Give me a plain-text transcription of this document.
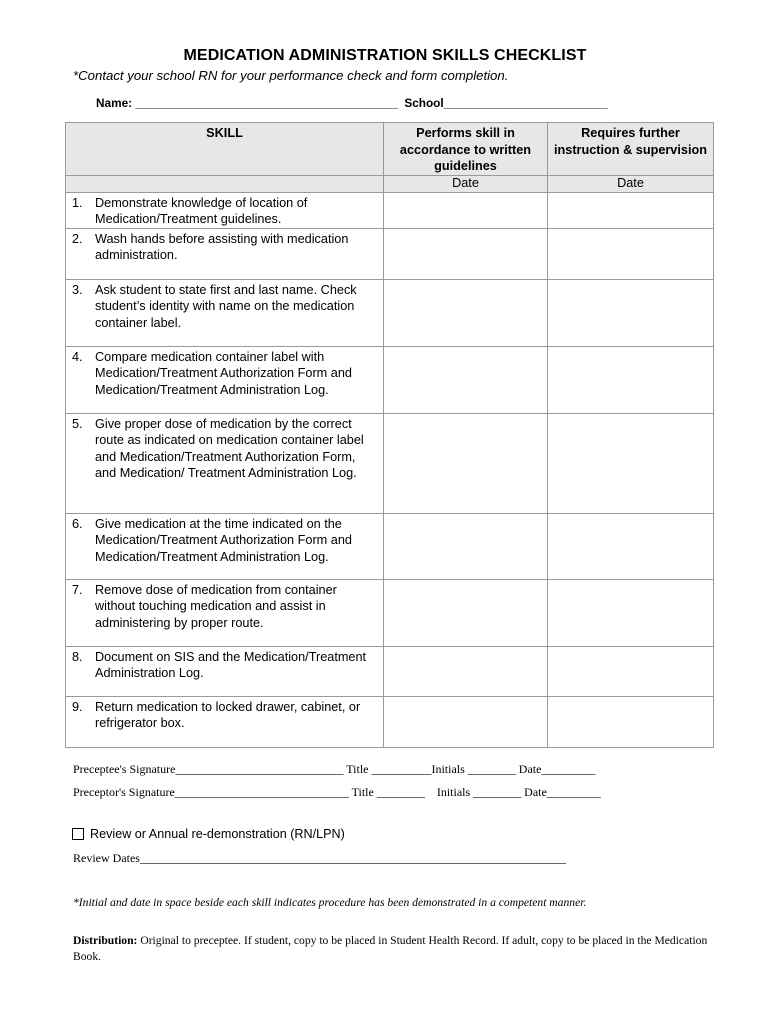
MEDICATION ADMINISTRATION SKILLS CHECKLIST
*Contact your school RN for your performance check and form completion.
Name: ________________________________________  School_________________________
SKILL	Performs skill in accordance to written guidelines	Requires further instruction & supervision
	Date	Date

1. Demonstrate knowledge of location of Medication/Treatment guidelines.		

2. Wash hands before assisting with medication administration.		

3. Ask student to state first and last name. Check student’s identity with name on the medication container label.		

4. Compare medication container label with Medication/Treatment Authorization Form and Medication/Treatment Administration Log.		

5. Give proper dose of medication by the correct route as indicated on medication container label and Medication/Treatment Authorization Form, and Medication/ Treatment Administration Log.		

6. Give medication at the time indicated on the Medication/Treatment Authorization Form and Medication/Treatment Administration Log.		

7. Remove dose of medication from container without touching medication and assist in administering by proper route.		

8. Document on SIS and the Medication/Treatment Administration Log.		

9. Return medication to locked drawer, cabinet, or refrigerator box.		

Preceptee's Signature____________________________ Title __________Initials ________ Date_________
Preceptor's Signature_____________________________ Title ________    Initials ________ Date_________
Review or Annual re-demonstration (RN/LPN)
Review Dates_______________________________________________________________________
*Initial and date in space beside each skill indicates procedure has been demonstrated in a competent manner.
Distribution: Original to preceptee. If student, copy to be placed in Student Health Record. If adult, copy to be placed in the Medication Book.
